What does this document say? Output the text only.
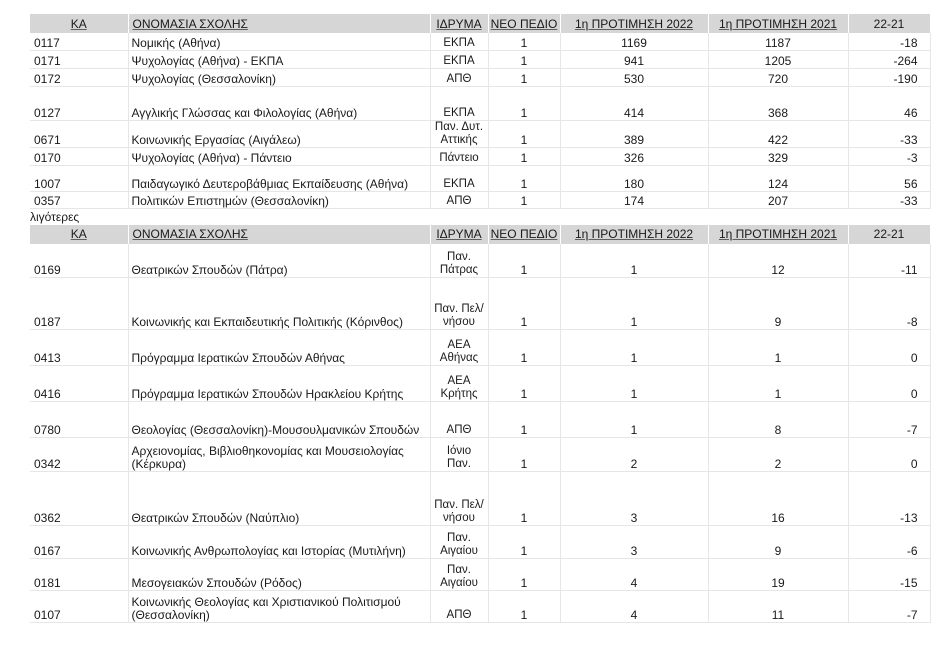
ΚΑ	ΟΝΟΜΑΣΙΑ ΣΧΟΛΗΣ	ΙΔΡΥΜΑ	ΝΕΟ ΠΕΔΙΟ	1η ΠΡΟΤΙΜΗΣΗ 2022	1η ΠΡΟΤΙΜΗΣΗ 2021	22-21
0117	Νομικής (Αθήνα)	ΕΚΠΑ	1	1169	1187	-18
0171	Ψυχολογίας (Αθήνα) - ΕΚΠΑ	ΕΚΠΑ	1	941	1205	-264
0172	Ψυχολογίας (Θεσσαλονίκη)	ΑΠΘ	1	530	720	-190
0127	Αγγλικής Γλώσσας και Φιλολογίας (Αθήνα)	ΕΚΠΑ	1	414	368	46
0671	Κοινωνικής Εργασίας (Αιγάλεω)	Παν. Δυτ. Αττικής	1	389	422	-33
0170	Ψυχολογίας (Αθήνα) - Πάντειο	Πάντειο	1	326	329	-3
1007	Παιδαγωγικό Δευτεροβάθμιας Εκπαίδευσης (Αθήνα)	ΕΚΠΑ	1	180	124	56
0357	Πολιτικών Επιστημών (Θεσσαλονίκη)	ΑΠΘ	1	174	207	-33
λιγότερες
ΚΑ	ΟΝΟΜΑΣΙΑ ΣΧΟΛΗΣ	ΙΔΡΥΜΑ	ΝΕΟ ΠΕΔΙΟ	1η ΠΡΟΤΙΜΗΣΗ 2022	1η ΠΡΟΤΙΜΗΣΗ 2021	22-21
0169	Θεατρικών Σπουδών (Πάτρα)	Παν. Πάτρας	1	1	12	-11
0187	Κοινωνικής και Εκπαιδευτικής Πολιτικής (Κόρινθος)	Παν. Πελ/νήσου	1	1	9	-8
0413	Πρόγραμμα Ιερατικών Σπουδών Αθήνας	ΑΕΑ Αθήνας	1	1	1	0
0416	Πρόγραμμα Ιερατικών Σπουδών Ηρακλείου Κρήτης	ΑΕΑ Κρήτης	1	1	1	0
0780	Θεολογίας (Θεσσαλονίκη)-Μουσουλμανικών Σπουδών	ΑΠΘ	1	1	8	-7
0342	Αρχειονομίας, Βιβλιοθηκονομίας και Μουσειολογίας (Κέρκυρα)	Ιόνιο Παν.	1	2	2	0
0362	Θεατρικών Σπουδών (Ναύπλιο)	Παν. Πελ/νήσου	1	3	16	-13
0167	Κοινωνικής Ανθρωπολογίας και Ιστορίας (Μυτιλήνη)	Παν. Αιγαίου	1	3	9	-6
0181	Μεσογειακών Σπουδών (Ρόδος)	Παν. Αιγαίου	1	4	19	-15
0107	Κοινωνικής Θεολογίας και Χριστιανικού Πολιτισμού (Θεσσαλονίκη)	ΑΠΘ	1	4	11	-7
